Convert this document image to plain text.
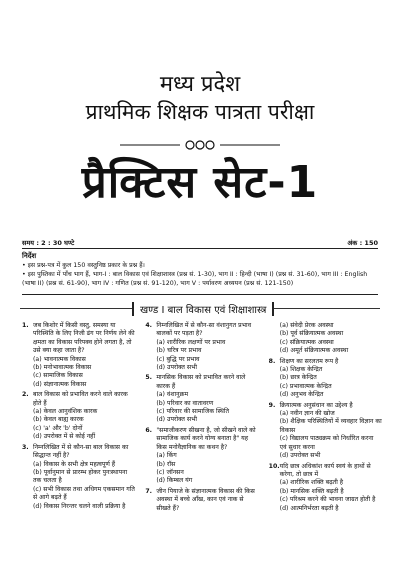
मध्य प्रदेश
प्राथमिक शिक्षक पात्रता परीक्षा
प्रैक्टिस सेट-1
समय : 2 : 30 घण्टे	अंक : 150
निर्देश
• इस प्रश्न-पत्र में कुल 150 वस्तुनिष्ठ प्रकार के प्रश्न हैं।
• इस पुस्तिका में पाँच भाग हैं, भाग-I : बाल विकास एवं शिक्षाशास्त्र (प्रश्न सं. 1-30), भाग II : हिन्दी (भाषा I) (प्रश्न सं. 31-60), भाग III : English
(भाषा II) (प्रश्न सं. 61-90), भाग IV : गणित (प्रश्न सं. 91-120), भाग V : पर्यावरण अध्ययन (प्रश्न सं. 121-150)
खण्ड I बाल विकास एवं शिक्षाशास्त्र
1. जब किशोर में किसी वस्तु, समस्या या परिस्थिति के लिए निजी ढंग पर निर्णय लेने की क्षमता का विकास परिपक्व होने लगता है, तो उसे क्या कहा जाता है?
(a) भावनात्मक विकास
(b) मनोभावात्मक विकास
(c) सामाजिक विकास
(d) संज्ञानात्मक विकास
2. बाल विकास को प्रभावित करने वाले कारक होते हैं
(a) केवल आनुवंशिक कारक
(b) केवल बाह्य कारक
(c) 'a' और 'b' दोनों
(d) उपरोक्त में से कोई नहीं
3. निम्नलिखित में से कौन-सा बाल विकास का सिद्धान्त नहीं है?
(a) विकास के सभी क्षेत्र महत्वपूर्ण हैं
(b) पूर्वानुमान से प्रारम्भ होकर पुनःस्थापना तक चलता है
(c) सभी विकास तथा अधिगम एकसमान गति से आगे बढ़ते हैं
(d) विकास निरन्तर चलने वाली प्रक्रिया है
4. निम्नलिखित में से कौन-सा वंशानुगत प्रभाव बालकों पर पड़ता है?
(a) शारीरिक लक्षणों पर प्रभाव
(b) चरित्र पर प्रभाव
(c) बुद्धि पर प्रभाव
(d) उपरोक्त सभी
5. मानसिक विकास को प्रभावित करने वाले कारक हैं
(a) वंशानुक्रम
(b) परिवार का वातावरण
(c) परिवार की सामाजिक स्थिति
(d) उपरोक्त सभी
6. "समाजीकरण सीखना है, जो सीखने वाले को सामाजिक कार्य करने योग्य बनाता है" यह किस मनोवैज्ञानिक का कथन है?
(a) किंग
(b) रॉस
(c) जॉनसन
(d) किम्बल यंग
7. जीन पियाजे के संज्ञानात्मक विकास की किस अवस्था में बच्चे आँख, कान एवं नाक से सीखते हैं?
(a) संवेदी प्रेरक अवस्था
(b) पूर्व संक्रियात्मक अवस्था
(c) संक्रियात्मक अवस्था
(d) अमूर्त संक्रियात्मक अवस्था
8. शिक्षण का सरलतम रूप है
(a) शिक्षक केन्द्रित
(b) छात्र केन्द्रित
(c) प्रभावात्मक केन्द्रित
(d) अनुभव केन्द्रित
9. क्रियात्मक अनुसंधान का उद्देश्य है
(a) नवीन ज्ञान की खोज
(b) शैक्षिक परिस्थितियों में व्यवहार विज्ञान का विकास
(c) विद्यालय पाठ्यक्रम को निर्धारित करना एवं सुधार करना
(d) उपरोक्त सभी
10. यदि छात्र अधिकांश कार्य स्वयं के हाथों से करेगा, तो छात्र में
(a) शारीरिक शक्ति बढ़ती है
(b) मानसिक शक्ति बढ़ती है
(c) परिश्रम करने की भावना जाग्रत होती है
(d) आत्मनिर्भरता बढ़ती है
